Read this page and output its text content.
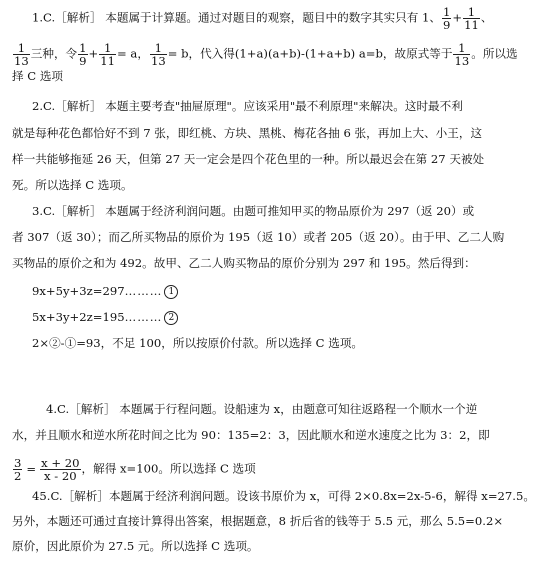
1.C.［解析］ 本题属于计算题。通过对题目的观察，题目中的数字其实只有 1、 $\frac{1}{9} + \frac{1}{11}$ 、
$\frac{1}{13}$ 三种，令 $\frac{1}{9} + \frac{1}{11} = a$， $\frac{1}{13} = b$，代入得(1+a)(a+b)-(1+a+b) a=b，故原式等于 $\frac{1}{13}$ 。所以选
择 C 选项
2.C.［解析］ 本题主要考查"抽屉原理"。应该采用"最不利原理"来解决。这时最不利
就是每种花色都恰好不到 7 张，即红桃、方块、黑桃、梅花各抽 6 张，再加上大、小王，这
样一共能够拖延 26 天，但第 27 天一定会是四个花色里的一种。所以最迟会在第 27 天被处
死。所以选择 C 选项。
3.C.［解析］ 本题属于经济利润问题。由题可推知甲买的物品原价为 297（返 20）或
者 307（返 30）；而乙所买物品的原价为 195（返 10）或者 205（返 20）。由于甲、乙二人购
买物品的原价之和为 492。故甲、乙二人购买物品的原价分别为 297 和 195。然后得到：
9x+5y+3z=297……… 1
5x+3y+2z=195……… 2
2×②-①=93，不足 100，所以按原价付款。所以选择 C 选项。
4.C.［解析］ 本题属于行程问题。设船速为 x，由题意可知往返路程一个顺水一个逆
水，并且顺水和逆水所花时间之比为 90：135=2：3，因此顺水和逆水速度之比为 3：2，即
$\frac{3}{2} = \frac{x + 20}{x - 20}$ ，解得 x=100。所以选择 C 选项
45.C.［解析］本题属于经济利润问题。设该书原价为 x，可得 2×0.8x=2x-5-6，解得 x=27.5。
另外，本题还可通过直接计算得出答案，根据题意，8 折后省的钱等于 5.5 元，那么 5.5=0.2×
原价，因此原价为 27.5 元。所以选择 C 选项。
